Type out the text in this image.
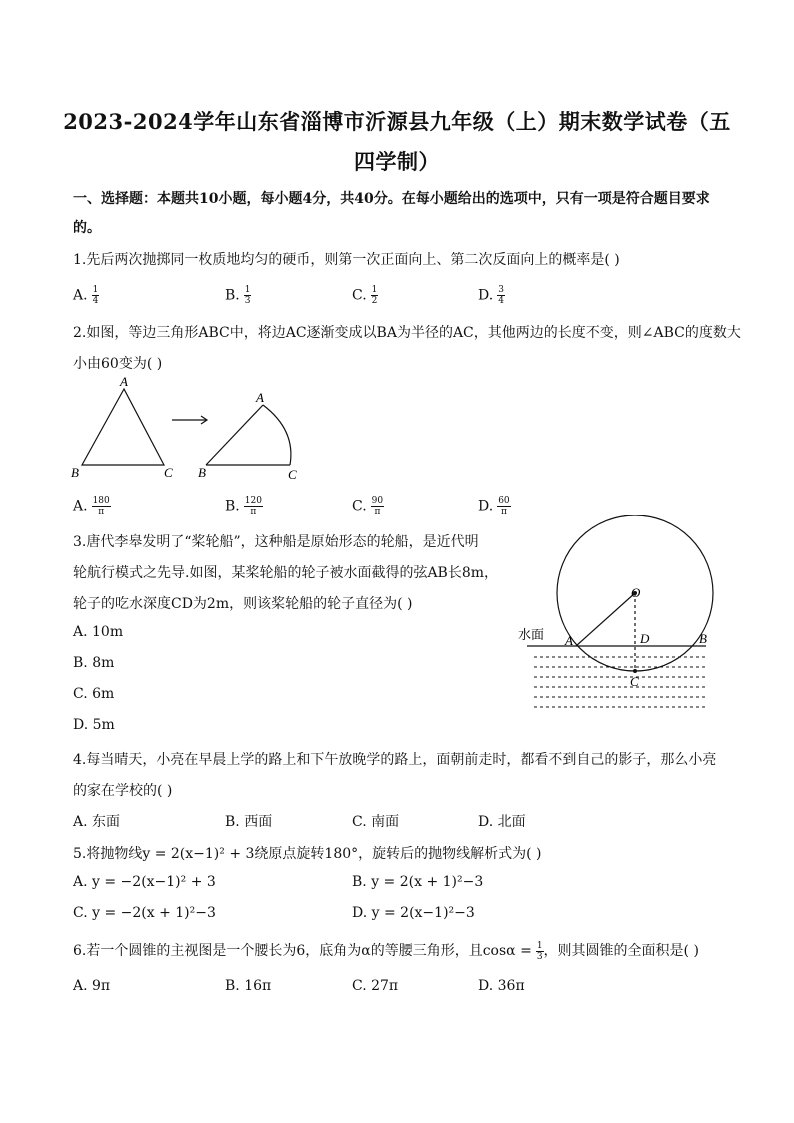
2023-2024学年山东省淄博市沂源县九年级（上）期末数学试卷（五
四学制）
一、选择题：本题共10小题，每小题4分，共40分。在每小题给出的选项中，只有一项是符合题目要求
的。
1.先后两次抛掷同一枚质地均匀的硬币，则第一次正面向上、第二次反面向上的概率是( )
A. $\frac{1}{4}$	B. $\frac{1}{3}$	C. $\frac{1}{2}$	D. $\frac{3}{4}$
2.如图，等边三角形ABC中，将边AC逐渐变成以BA为半径的AC，其他两边的长度不变，则∠ABC的度数大
小由60变为( )
A
B	C
A
B	C
A. $\frac{180}{\pi}$	B. $\frac{120}{\pi}$	C. $\frac{90}{\pi}$	D. $\frac{60}{\pi}$
3.唐代李皋发明了“桨轮船”，这种船是原始形态的轮船，是近代明
轮航行模式之先导.如图，某桨轮船的轮子被水面截得的弦AB长8m，
轮子的吃水深度CD为2m，则该桨轮船的轮子直径为( )
A. 10m
B. 8m
C. 6m
D. 5m
水面
O
A	B
D
C
4.每当晴天，小亮在早晨上学的路上和下午放晚学的路上，面朝前走时，都看不到自己的影子，那么小亮
的家在学校的( )
A. 东面	B. 西面	C. 南面	D. 北面
5.将抛物线y = 2(x−1)² + 3绕原点旋转180°，旋转后的抛物线解析式为( )
A. y = −2(x−1)² + 3	B. y = 2(x + 1)²−3
C. y = −2(x + 1)²−3	D. y = 2(x−1)²−3
6.若一个圆锥的主视图是一个腰长为6，底角为α的等腰三角形，且$\cos\alpha = \frac{1}{3}$ ，则其圆锥的全面积是( )
A. 9π	B. 16π	C. 27π	D. 36π
